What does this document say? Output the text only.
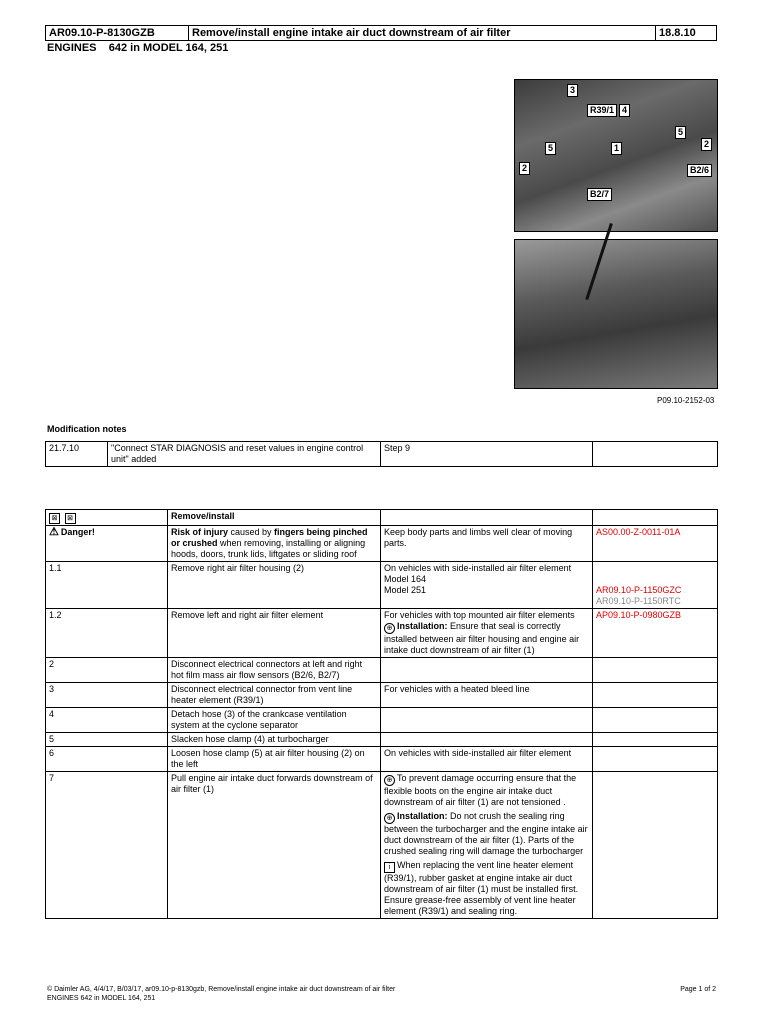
AR09.10-P-8130GZB	Remove/install engine intake air duct downstream of air filter	18.8.10
ENGINES    642 in MODEL 164, 251
3
R39/1 4
5
5	2
1
2	B2/6
B2/7
P09.10-2152-03
Modification notes
21.7.10	"Connect STAR DIAGNOSIS and reset values in engine control unit" added	Step 9	
⊠ ⊠	Remove/install		
⚠ Danger!	Risk of injury caused by fingers being pinched or crushed when removing, installing or aligning hoods, doors, trunk lids, liftgates or sliding roof	Keep body parts and limbs well clear of moving parts.	AS00.00-Z-0011-01A
1.1	Remove right air filter housing (2)	On vehicles with side-installed air filter element
Model 164
Model 251	AR09.10-P-1150GZC
AR09.10-P-1150RTC

1.2	Remove left and right air filter element	For vehicles with top mounted air filter elements
⊕ Installation: Ensure that seal is correctly installed between air filter housing and engine air intake duct downstream of air filter (1)	AP09.10-P-0980GZB
2	Disconnect electrical connectors at left and right hot film mass air flow sensors (B2/6, B2/7)		
3	Disconnect electrical connector from vent line heater element (R39/1)	For vehicles with a heated bleed line	
4	Detach hose (3) of the crankcase ventilation system at the cyclone separator		
5	Slacken hose clamp (4) at turbocharger		
6	Loosen hose clamp (5) at air filter housing (2) on the left	On vehicles with side-installed air filter element	
7	Pull engine air intake duct forwards downstream of air filter (1)	⊕ To prevent damage occurring ensure that the flexible boots on the engine air intake duct downstream of air filter (1) are not tensioned .
⊕ Installation: Do not crush the sealing ring between the turbocharger and the engine intake air duct downstream of the air filter (1). Parts of the crushed sealing ring will damage the turbocharger
i When replacing the vent line heater element (R39/1), rubber gasket at engine intake air duct downstream of air filter (1) must be installed first.
Ensure grease-free assembly of vent line heater element (R39/1) and sealing ring.	

© Daimler AG, 4/4/17, B/03/17, ar09.10-p-8130gzb, Remove/install engine intake air duct downstream of air filter
ENGINES 642 in MODEL 164, 251
Page 1 of 2
